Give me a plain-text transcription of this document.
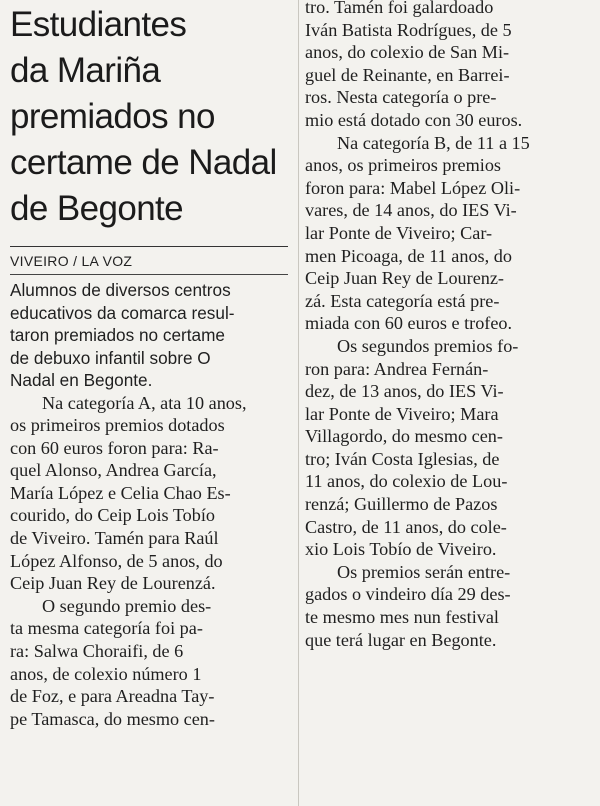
Estudiantes
da Mariña
premiados no
certame de Nadal
de Begonte
VIVEIRO / LA VOZ
Alumnos de diversos centros
educativos da comarca resul-
taron premiados no certame
de debuxo infantil sobre O
Nadal en Begonte.
Na categoría A, ata 10 anos,
os primeiros premios dotados
con 60 euros foron para: Ra-
quel Alonso, Andrea García,
María López e Celia Chao Es-
courido, do Ceip Lois Tobío
de Viveiro. Tamén para Raúl
López Alfonso, de 5 anos, do
Ceip Juan Rey de Lourenzá.
O segundo premio des-
ta mesma categoría foi pa-
ra: Salwa Choraifi, de 6
anos, de colexio número 1
de Foz, e para Areadna Tay-
pe Tamasca, do mesmo cen-
tro. Tamén foi galardoado
Iván Batista Rodrígues, de 5
anos, do colexio de San Mi-
guel de Reinante, en Barrei-
ros. Nesta categoría o pre-
mio está dotado con 30 euros.
Na categoría B, de 11 a 15
anos, os primeiros premios
foron para: Mabel López Oli-
vares, de 14 anos, do IES Vi-
lar Ponte de Viveiro; Car-
men Picoaga, de 11 anos, do
Ceip Juan Rey de Lourenz-
zá. Esta categoría está pre-
miada con 60 euros e trofeo.
Os segundos premios fo-
ron para: Andrea Fernán-
dez, de 13 anos, do IES Vi-
lar Ponte de Viveiro; Mara
Villagordo, do mesmo cen-
tro; Iván Costa Iglesias, de
11 anos, do colexio de Lou-
renzá; Guillermo de Pazos
Castro, de 11 anos, do cole-
xio Lois Tobío de Viveiro.
Os premios serán entre-
gados o vindeiro día 29 des-
te mesmo mes nun festival
que terá lugar en Begonte.
